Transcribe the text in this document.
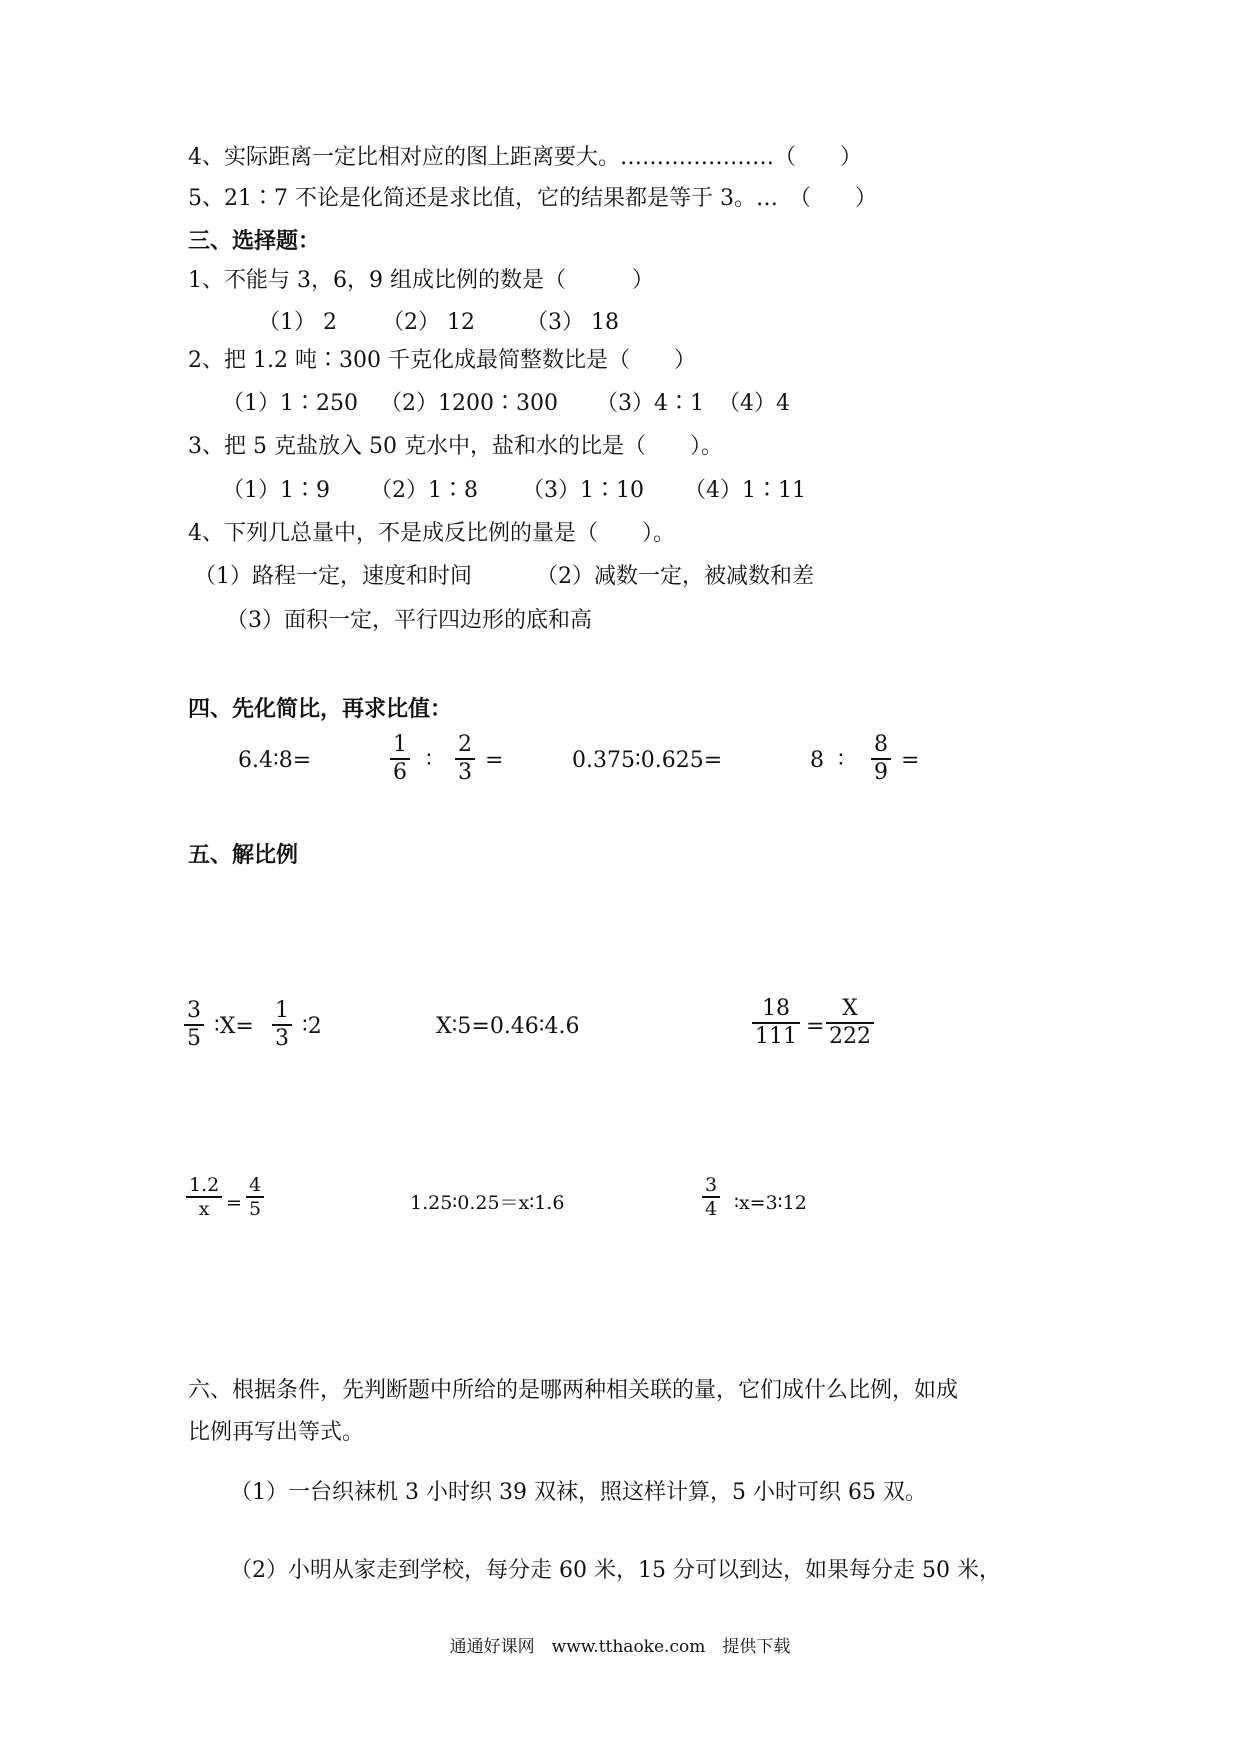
4、实际距离一定比相对应的图上距离要大。…………………（　　）
5、21∶7 不论是化简还是求比值，它的结果都是等于 3。…　（　　）
三、选择题：
1、不能与 3，6，9 组成比例的数是（　　　）
（1） 2 （2） 12 （3） 18
2、把 1.2 吨∶300 千克化成最简整数比是（　　）
（1）1∶250 （2）1200∶300 （3）4∶1 （4）4
3、把 5 克盐放入 50 克水中，盐和水的比是（　　）。
（1）1∶9 （2）1∶8 （3）1∶10 （4）1∶11
4、下列几总量中，不是成反比例的量是（　　）。
（1）路程一定，速度和时间	（2）减数一定，被减数和差
（3）面积一定，平行四边形的底和高
四、先化简比，再求比值：
6.4∶8=
1
6 ∶
2
3 =	0.375∶0.625=	8 ∶
8
9 =
五、解比例
3
5 ∶X=
1
3 ∶2	X∶5=0.46∶4.6
18
111 =
X
222
1.2
x =
4
5	1.25∶0.25＝x∶1.6
3
4 ∶x=3∶12
六、根据条件，先判断题中所给的是哪两种相关联的量，它们成什么比例，如成
比例再写出等式。
（1）一台织袜机 3 小时织 39 双袜，照这样计算，5 小时可织 65 双。
（2）小明从家走到学校，每分走 60 米，15 分可以到达，如果每分走 50 米，
通通好课网　www.tthaoke.com　提供下载
